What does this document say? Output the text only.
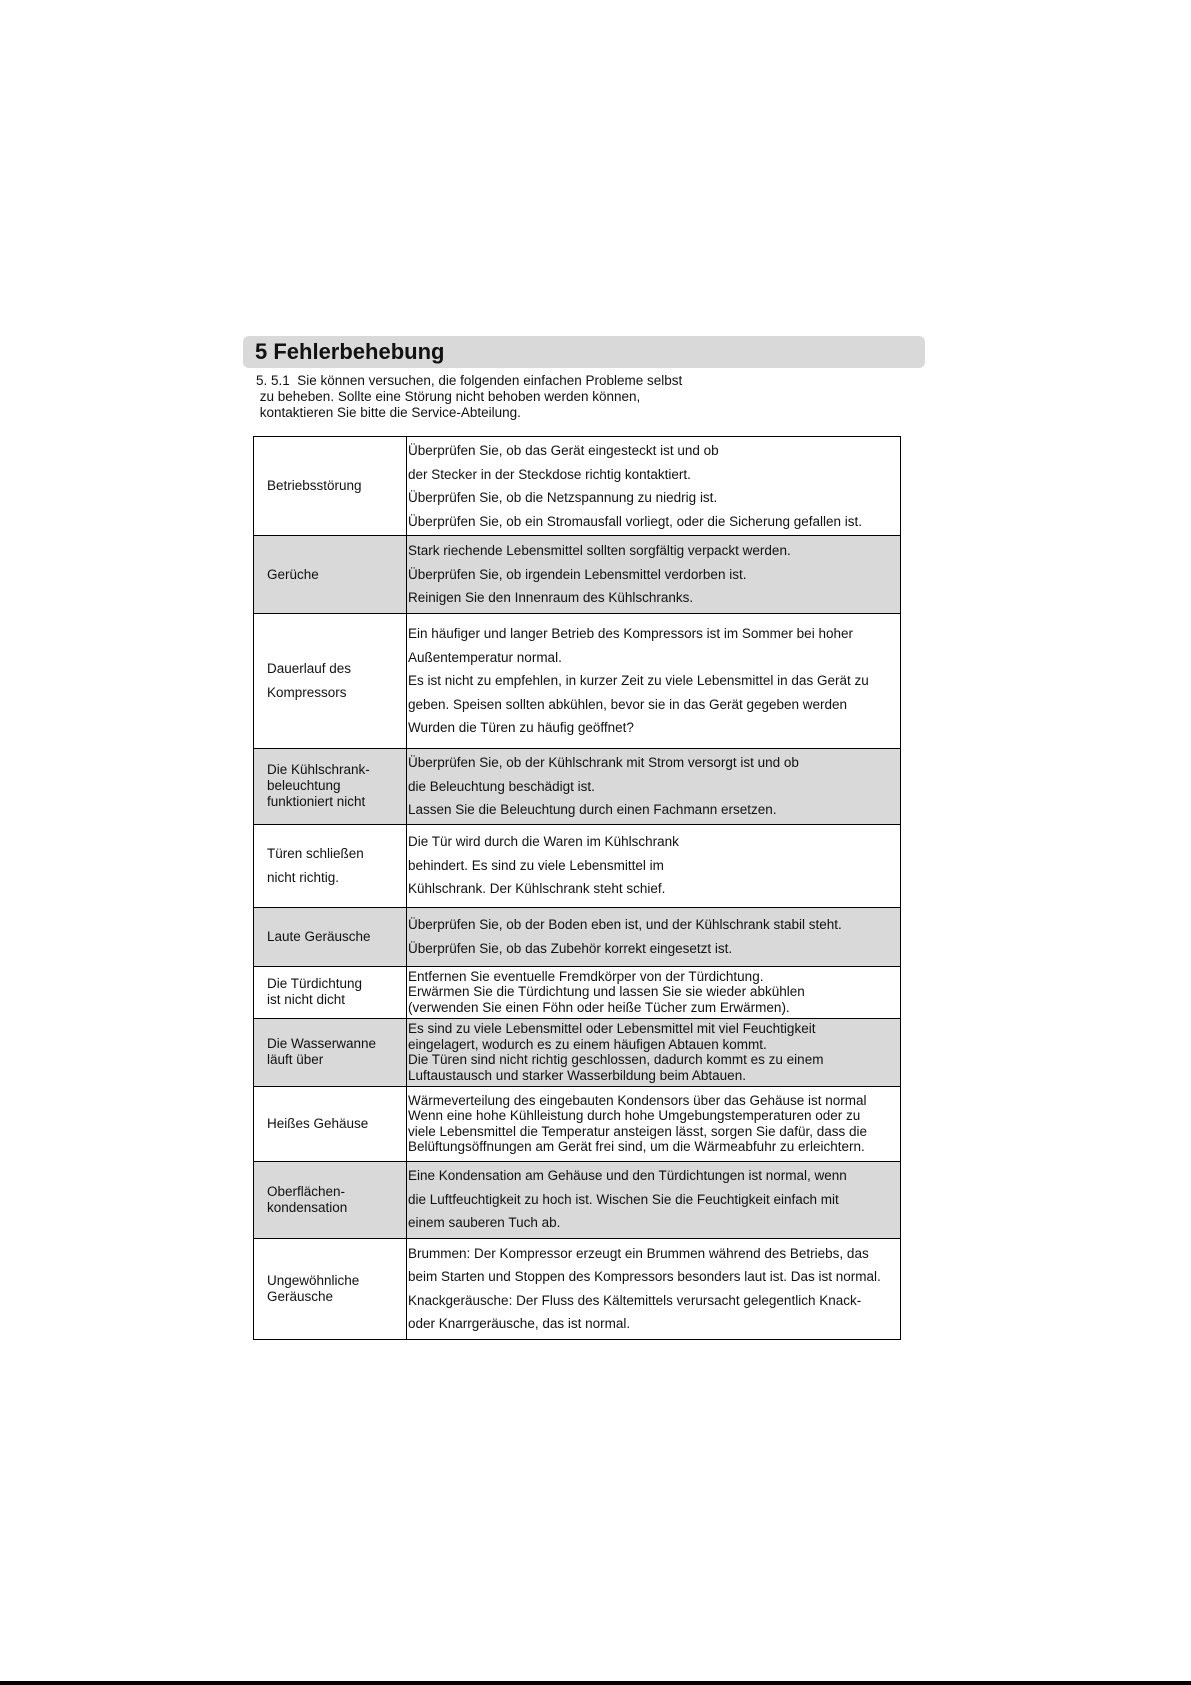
5 Fehlerbehebung
5. 5.1  Sie können versuchen, die folgenden einfachen Probleme selbst
zu beheben. Sollte eine Störung nicht behoben werden können,
kontaktieren Sie bitte die Service-Abteilung.
Betriebsstörung	Überprüfen Sie, ob das Gerät eingesteckt ist und ob
der Stecker in der Steckdose richtig kontaktiert.
Überprüfen Sie, ob die Netzspannung zu niedrig ist.
Überprüfen Sie, ob ein Stromausfall vorliegt, oder die Sicherung gefallen ist.

Gerüche	Stark riechende Lebensmittel sollten sorgfältig verpackt werden.
Überprüfen Sie, ob irgendein Lebensmittel verdorben ist.
Reinigen Sie den Innenraum des Kühlschranks.

Dauerlauf des
Kompressors	Ein häufiger und langer Betrieb des Kompressors ist im Sommer bei hoher
Außentemperatur normal.
Es ist nicht zu empfehlen, in kurzer Zeit zu viele Lebensmittel in das Gerät zu
geben. Speisen sollten abkühlen, bevor sie in das Gerät gegeben werden
Wurden die Türen zu häufig geöffnet?

Die Kühlschrank-
beleuchtung
funktioniert nicht	Überprüfen Sie, ob der Kühlschrank mit Strom versorgt ist und ob
die Beleuchtung beschädigt ist.
Lassen Sie die Beleuchtung durch einen Fachmann ersetzen.

Türen schließen
nicht richtig.	Die Tür wird durch die Waren im Kühlschrank
behindert. Es sind zu viele Lebensmittel im
Kühlschrank. Der Kühlschrank steht schief.

Laute Geräusche	Überprüfen Sie, ob der Boden eben ist, und der Kühlschrank stabil steht.
Überprüfen Sie, ob das Zubehör korrekt eingesetzt ist.

Die Türdichtung
ist nicht dicht	Entfernen Sie eventuelle Fremdkörper von der Türdichtung.
Erwärmen Sie die Türdichtung und lassen Sie sie wieder abkühlen
(verwenden Sie einen Föhn oder heiße Tücher zum Erwärmen).

Die Wasserwanne
läuft über	Es sind zu viele Lebensmittel oder Lebensmittel mit viel Feuchtigkeit
eingelagert, wodurch es zu einem häufigen Abtauen kommt.
Die Türen sind nicht richtig geschlossen, dadurch kommt es zu einem
Luftaustausch und starker Wasserbildung beim Abtauen.

Heißes Gehäuse	Wärmeverteilung des eingebauten Kondensors über das Gehäuse ist normal
Wenn eine hohe Kühlleistung durch hohe Umgebungstemperaturen oder zu
viele Lebensmittel die Temperatur ansteigen lässt, sorgen Sie dafür, dass die
Belüftungsöffnungen am Gerät frei sind, um die Wärmeabfuhr zu erleichtern.

Oberflächen-
kondensation	Eine Kondensation am Gehäuse und den Türdichtungen ist normal, wenn
die Luftfeuchtigkeit zu hoch ist. Wischen Sie die Feuchtigkeit einfach mit
einem sauberen Tuch ab.

Ungewöhnliche
Geräusche	Brummen: Der Kompressor erzeugt ein Brummen während des Betriebs, das
beim Starten und Stoppen des Kompressors besonders laut ist. Das ist normal.
Knackgeräusche: Der Fluss des Kältemittels verursacht gelegentlich Knack-
oder Knarrgeräusche, das ist normal.
